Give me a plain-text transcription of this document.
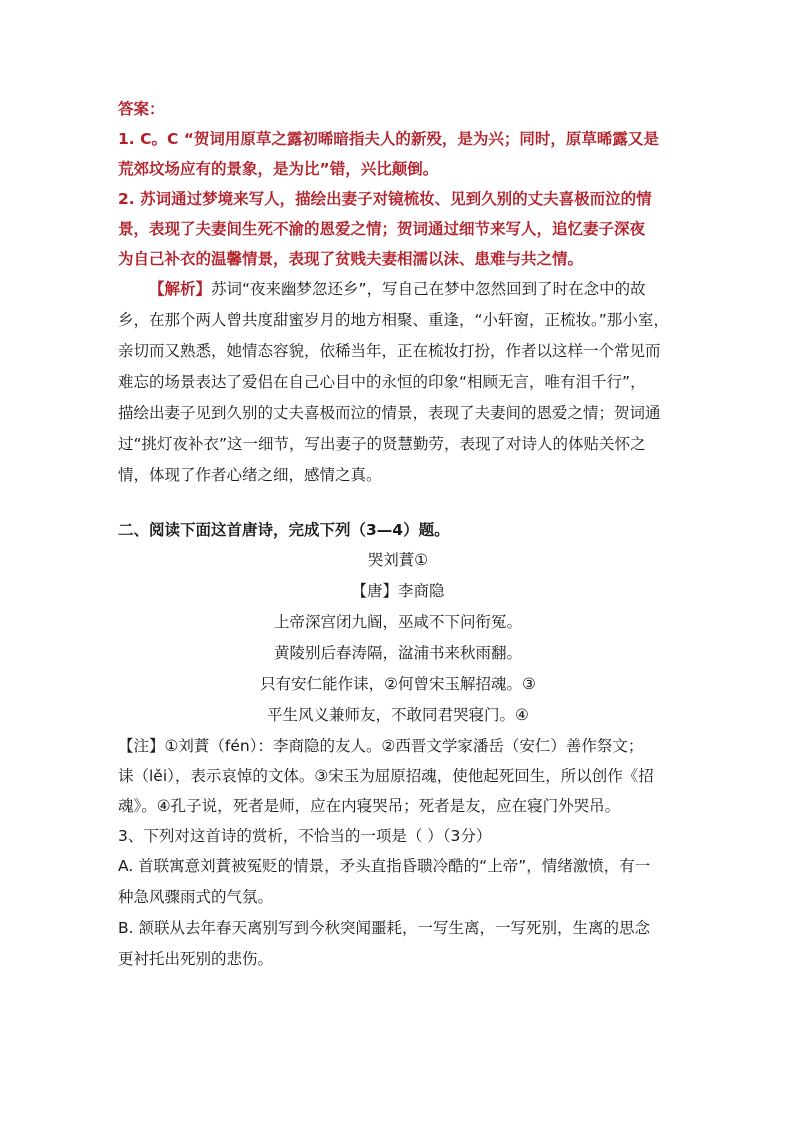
答案：
1. C。C “贺词用原草之露初晞暗指夫人的新殁，是为兴；同时，原草晞露又是
荒郊坟场应有的景象，是为比”错，兴比颠倒。
2. 苏词通过梦境来写人，描绘出妻子对镜梳妆、见到久别的丈夫喜极而泣的情
景，表现了夫妻间生死不渝的恩爱之情；贺词通过细节来写人，追忆妻子深夜
为自己补衣的温馨情景，表现了贫贱夫妻相濡以沫、患难与共之情。
【解析】苏词“夜来幽梦忽还乡”，写自己在梦中忽然回到了时在念中的故
乡，在那个两人曾共度甜蜜岁月的地方相聚、重逢，“小轩窗，正梳妆。”那小室，
亲切而又熟悉，她情态容貌，依稀当年，正在梳妆打扮，作者以这样一个常见而
难忘的场景表达了爱侣在自己心目中的永恒的印象“相顾无言，唯有泪千行”，
描绘出妻子见到久别的丈夫喜极而泣的情景，表现了夫妻间的恩爱之情；贺词通
过“挑灯夜补衣”这一细节，写出妻子的贤慧勤劳，表现了对诗人的体贴关怀之
情，体现了作者心绪之细，感情之真。
二、阅读下面这首唐诗，完成下列（3—4）题。
哭刘蕡①
【唐】李商隐
上帝深宫闭九阍，巫咸不下问衔冤。
黄陵别后春涛隔，湓浦书来秋雨翻。
只有安仁能作诔，②何曾宋玉解招魂。③
平生风义兼师友，不敢同君哭寝门。④
【注】①刘蕡（fén）：李商隐的友人。②西晋文学家潘岳（安仁）善作祭文；
诔（lěi），表示哀悼的文体。③宋玉为屈原招魂，使他起死回生，所以创作《招
魂》。④孔子说，死者是师，应在内寝哭吊；死者是友，应在寝门外哭吊。
3、下列对这首诗的赏析，不恰当的一项是（ ）（3分）
A. 首联寓意刘蕡被冤贬的情景，矛头直指昏聩冷酷的“上帝”，情绪激愤，有一
种急风骤雨式的气氛。
B. 颔联从去年春天离别写到今秋突闻噩耗，一写生离，一写死别，生离的思念
更衬托出死别的悲伤。
